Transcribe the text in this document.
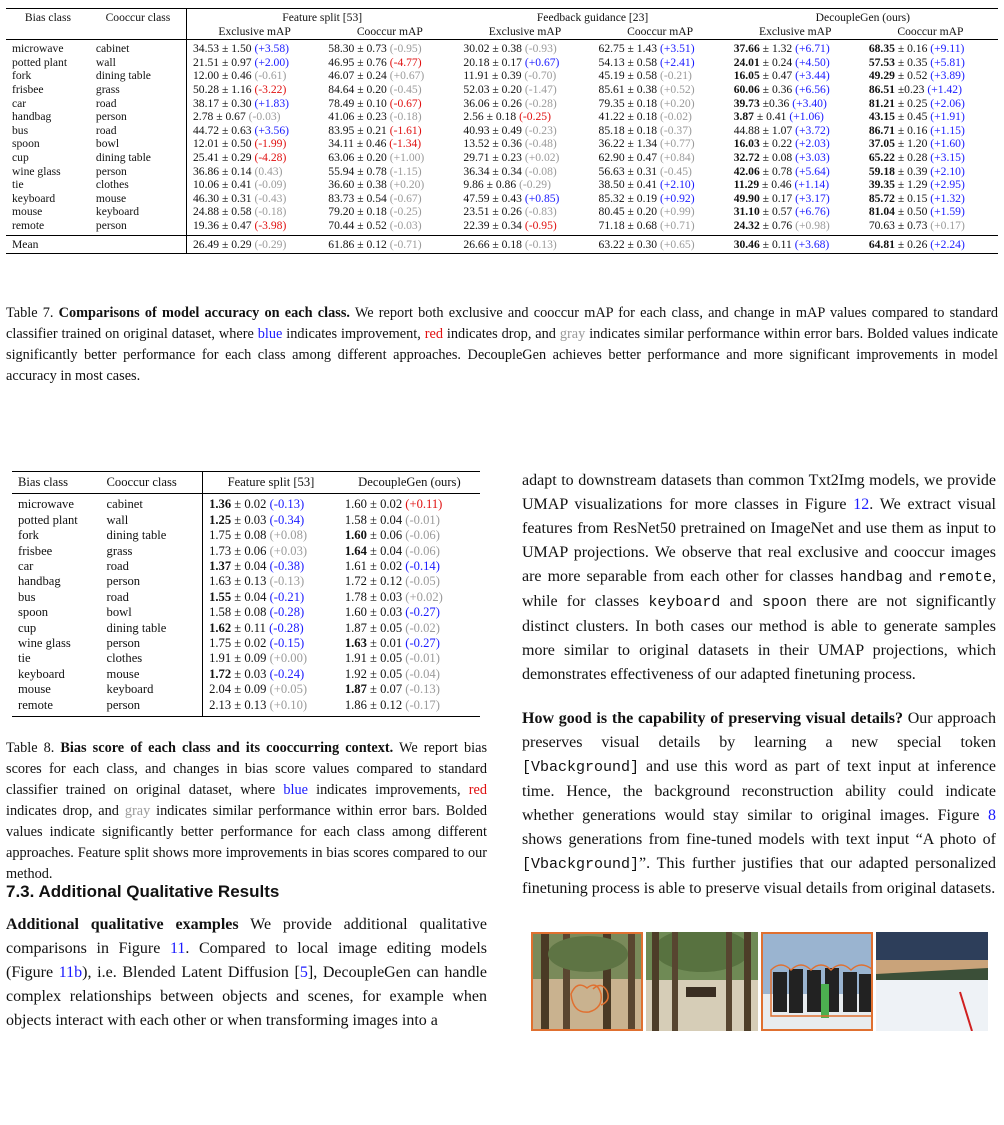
Bias class	Cooccur class	Feature split [53]		Feedback guidance [23]		DecoupleGen (ours)	
		Exclusive mAP	Cooccur mAP	Exclusive mAP	Cooccur mAP	Exclusive mAP	Cooccur mAP
microwave	cabinet	34.53 ± 1.50 (+3.58)	58.30 ± 0.73 (-0.95)	30.02 ± 0.38 (-0.93)	62.75 ± 1.43 (+3.51)	37.66 ± 1.32 (+6.71)	68.35 ± 0.16 (+9.11)
potted plant	wall	21.51 ± 0.97 (+2.00)	46.95 ± 0.76 (-4.77)	20.18 ± 0.17 (+0.67)	54.13 ± 0.58 (+2.41)	24.01 ± 0.24 (+4.50)	57.53 ± 0.35 (+5.81)
fork	dining table	12.00 ± 0.46 (-0.61)	46.07 ± 0.24 (+0.67)	11.91 ± 0.39 (-0.70)	45.19 ± 0.58 (-0.21)	16.05 ± 0.47 (+3.44)	49.29 ± 0.52 (+3.89)
frisbee	grass	50.28 ± 1.16 (-3.22)	84.64 ± 0.20 (-0.45)	52.03 ± 0.20 (-1.47)	85.61 ± 0.38 (+0.52)	60.06 ± 0.36 (+6.56)	86.51 ±0.23 (+1.42)
car	road	38.17 ± 0.30 (+1.83)	78.49 ± 0.10 (-0.67)	36.06 ± 0.26 (-0.28)	79.35 ± 0.18 (+0.20)	39.73 ±0.36 (+3.40)	81.21 ± 0.25 (+2.06)
handbag	person	2.78 ± 0.67 (-0.03)	41.06 ± 0.23 (-0.18)	2.56 ± 0.18 (-0.25)	41.22 ± 0.18 (-0.02)	3.87 ± 0.41 (+1.06)	43.15 ± 0.45 (+1.91)
bus	road	44.72 ± 0.63 (+3.56)	83.95 ± 0.21 (-1.61)	40.93 ± 0.49 (-0.23)	85.18 ± 0.18 (-0.37)	44.88 ± 1.07 (+3.72)	86.71 ± 0.16 (+1.15)
spoon	bowl	12.01 ± 0.50 (-1.99)	34.11 ± 0.46 (-1.34)	13.52 ± 0.36 (-0.48)	36.22 ± 1.34 (+0.77)	16.03 ± 0.22 (+2.03)	37.05 ± 1.20 (+1.60)
cup	dining table	25.41 ± 0.29 (-4.28)	63.06 ± 0.20 (+1.00)	29.71 ± 0.23 (+0.02)	62.90 ± 0.47 (+0.84)	32.72 ± 0.08 (+3.03)	65.22 ± 0.28 (+3.15)
wine glass	person	36.86 ± 0.14 (0.43)	55.94 ± 0.78 (-1.15)	36.34 ± 0.34 (-0.08)	56.63 ± 0.31 (-0.45)	42.06 ± 0.78 (+5.64)	59.18 ± 0.39 (+2.10)
tie	clothes	10.06 ± 0.41 (-0.09)	36.60 ± 0.38 (+0.20)	9.86 ± 0.86 (-0.29)	38.50 ± 0.41 (+2.10)	11.29 ± 0.46 (+1.14)	39.35 ± 1.29 (+2.95)
keyboard	mouse	46.30 ± 0.31 (-0.43)	83.73 ± 0.54 (-0.67)	47.59 ± 0.43 (+0.85)	85.32 ± 0.19 (+0.92)	49.90 ± 0.17 (+3.17)	85.72 ± 0.15 (+1.32)
mouse	keyboard	24.88 ± 0.58 (-0.18)	79.20 ± 0.18 (-0.25)	23.51 ± 0.26 (-0.83)	80.45 ± 0.20 (+0.99)	31.10 ± 0.57 (+6.76)	81.04 ± 0.50 (+1.59)
remote	person	19.36 ± 0.47 (-3.98)	70.44 ± 0.52 (-0.03)	22.39 ± 0.34 (-0.95)	71.18 ± 0.68 (+0.71)	24.32 ± 0.76 (+0.98)	70.63 ± 0.73 (+0.17)
Mean		26.49 ± 0.29 (-0.29)	61.86 ± 0.12 (-0.71)	26.66 ± 0.18 (-0.13)	63.22 ± 0.30 (+0.65)	30.46 ± 0.11 (+3.68)	64.81 ± 0.26 (+2.24)
Table 7. Comparisons of model accuracy on each class. We report both exclusive and cooccur mAP for each class, and change in mAP values compared to standard classifier trained on original dataset, where blue indicates improvement, red indicates drop, and gray indicates similar performance within error bars. Bolded values indicate significantly better performance for each class among different approaches. DecoupleGen achieves better performance and more significant improvements in model accuracy in most cases.
Bias class	Cooccur class	Feature split [53]	DecoupleGen (ours)
microwave	cabinet	1.36 ± 0.02 (-0.13)	1.60 ± 0.02 (+0.11)
potted plant	wall	1.25 ± 0.03 (-0.34)	1.58 ± 0.04 (-0.01)
fork	dining table	1.75 ± 0.08 (+0.08)	1.60 ± 0.06 (-0.06)
frisbee	grass	1.73 ± 0.06 (+0.03)	1.64 ± 0.04 (-0.06)
car	road	1.37 ± 0.04 (-0.38)	1.61 ± 0.02 (-0.14)
handbag	person	1.63 ± 0.13 (-0.13)	1.72 ± 0.12 (-0.05)
bus	road	1.55 ± 0.04 (-0.21)	1.78 ± 0.03 (+0.02)
spoon	bowl	1.58 ± 0.08 (-0.28)	1.60 ± 0.03 (-0.27)
cup	dining table	1.62 ± 0.11 (-0.28)	1.87 ± 0.05 (-0.02)
wine glass	person	1.75 ± 0.02 (-0.15)	1.63 ± 0.01 (-0.27)
tie	clothes	1.91 ± 0.09 (+0.00)	1.91 ± 0.05 (-0.01)
keyboard	mouse	1.72 ± 0.03 (-0.24)	1.92 ± 0.05 (-0.04)
mouse	keyboard	2.04 ± 0.09 (+0.05)	1.87 ± 0.07 (-0.13)
remote	person	2.13 ± 0.13 (+0.10)	1.86 ± 0.12 (-0.17)
Table 8. Bias score of each class and its cooccurring context. We report bias scores for each class, and changes in bias score values compared to standard classifier trained on original dataset, where blue indicates improvements, red indicates drop, and gray indicates similar performance within error bars. Bolded values indicate significantly better performance for each class among different approaches. Feature split shows more improvements in bias scores compared to our method.
7.3. Additional Qualitative Results
Additional qualitative examples We provide additional qualitative comparisons in Figure 11. Compared to local image editing models (Figure 11b), i.e. Blended Latent Diffusion [5], DecoupleGen can handle complex relationships between objects and scenes, for example when objects interact with each other or when transforming images into a
adapt to downstream datasets than common Txt2Img models, we provide UMAP visualizations for more classes in Figure 12. We extract visual features from ResNet50 pretrained on ImageNet and use them as input to UMAP projections. We observe that real exclusive and cooccur images are more separable from each other for classes handbag and remote, while for classes keyboard and spoon there are not significantly distinct clusters. In both cases our method is able to generate samples more similar to original datasets in their UMAP projections, which demonstrates effectiveness of our adapted finetuning process.
How good is the capability of preserving visual details? Our approach preserves visual details by learning a new special token [Vbackground] and use this word as part of text input at inference time. Hence, the background reconstruction ability could indicate whether generations would stay similar to original images. Figure 8 shows generations from fine-tuned models with text input “A photo of [Vbackground]”. This further justifies that our adapted personalized finetuning process is able to preserve visual details from original datasets.
